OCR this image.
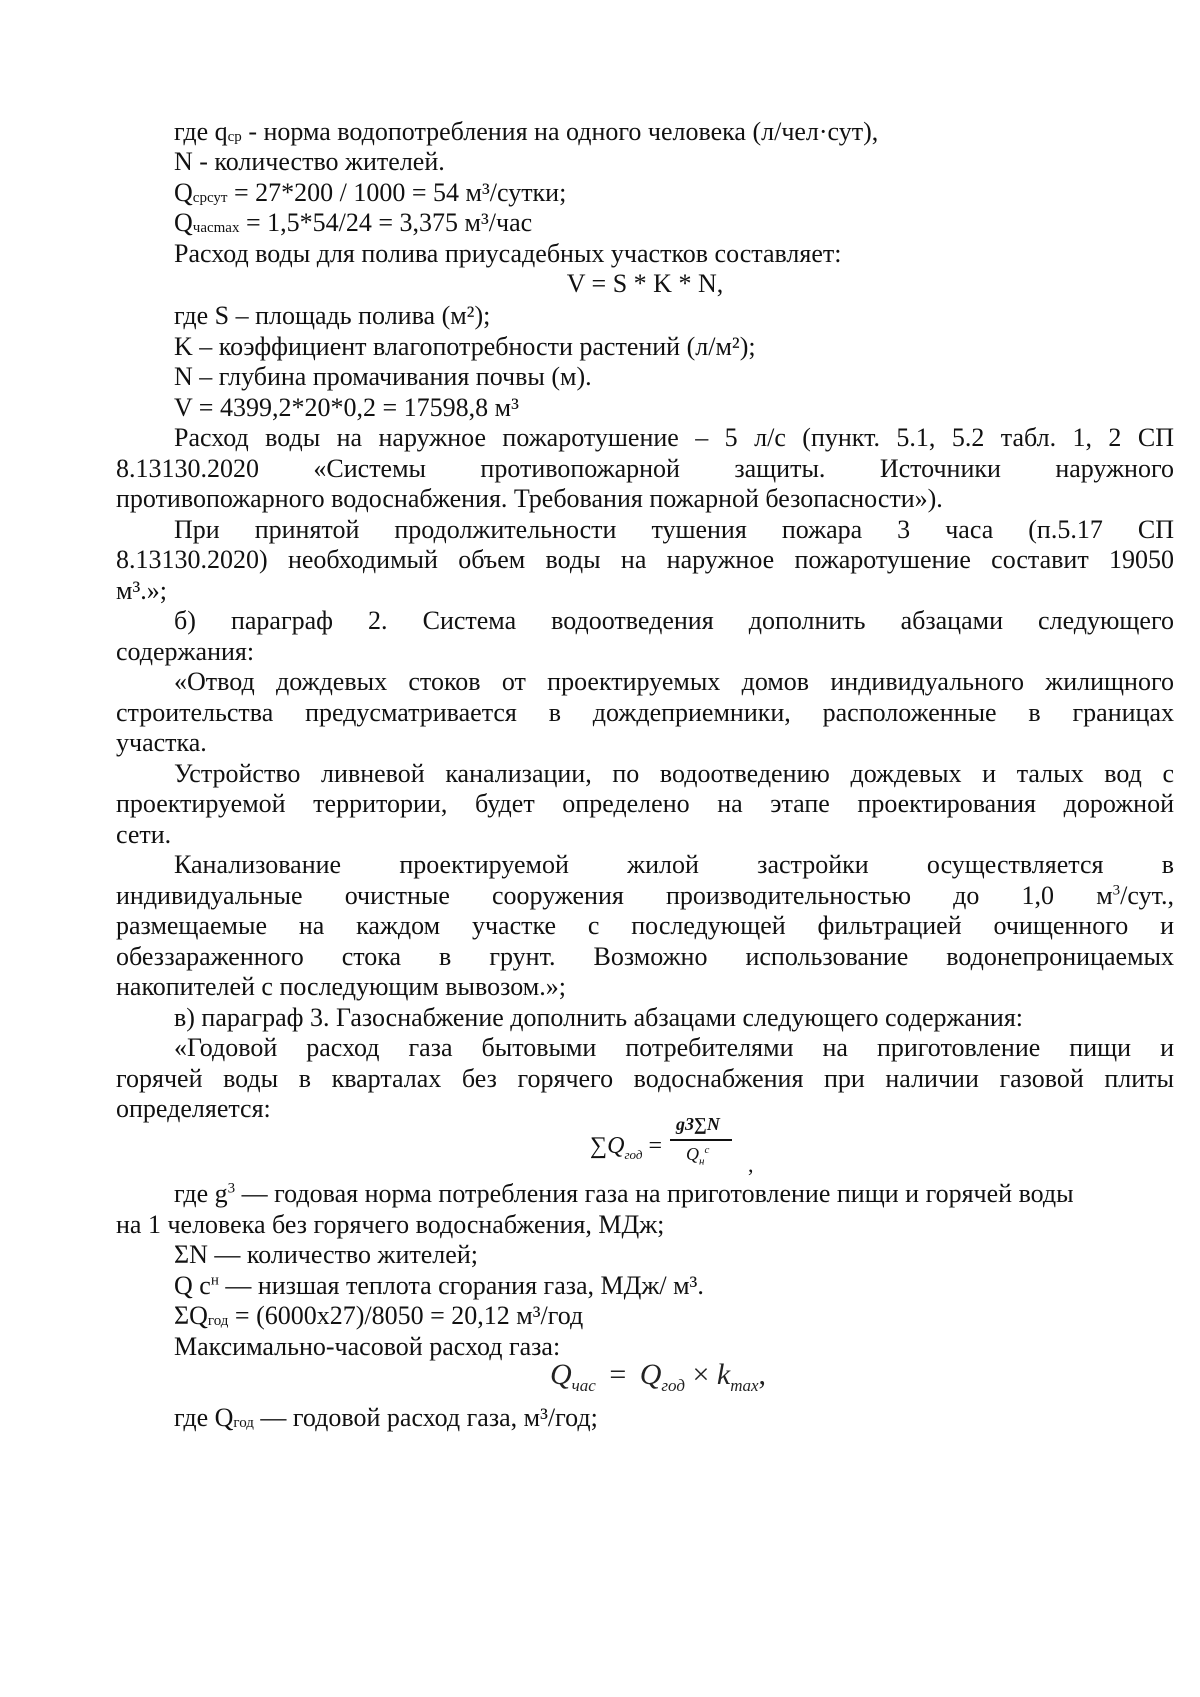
где $q_{ср}$ - норма водопотребления на одного человека (л/чел·сут),
N - количество жителей.
$Q_{срсут} = 27*200 / 1000 = 54$ м³/сутки;
$Q_{часmax} = 1,5*54/24 = 3,375$ м³/час
Расход воды для полива приусадебных участков составляет:
V = S * K * N,
где S – площадь полива (м²);
K – коэффициент влагопотребности растений (л/м²);
N – глубина промачивания почвы (м).
V = 4399,2*20*0,2 = 17598,8 м³
Расход воды на наружное пожаротушение – 5 л/с (пункт. 5.1, 5.2 табл. 1, 2 СП
8.13130.2020 «Системы противопожарной защиты. Источники наружного
противопожарного водоснабжения. Требования пожарной безопасности»).
При принятой продолжительности тушения пожара 3 часа (п.5.17 СП
8.13130.2020) необходимый объем воды на наружное пожаротушение составит 19050
м³.»;
б) параграф 2. Система водоотведения дополнить абзацами следующего
содержания:
«Отвод дождевых стоков от проектируемых домов индивидуального жилищного
строительства предусматривается в дождеприемники, расположенные в границах
участка.
Устройство ливневой канализации, по водоотведению дождевых и талых вод с
проектируемой территории, будет определено на этапе проектирования дорожной
сети.
Канализование проектируемой жилой застройки осуществляется в
индивидуальные очистные сооружения производительностью до 1,0 $м^3$/сут.,
размещаемые на каждом участке с последующей фильтрацией очищенного и
обеззараженного стока в грунт. Возможно использование водонепроницаемых
накопителей с последующим вывозом.»;
в) параграф 3. Газоснабжение дополнить абзацами следующего содержания:
«Годовой расход газа бытовыми потребителями на приготовление пищи и
горячей воды в кварталах без горячего водоснабжения при наличии газовой плиты
определяется:
$\sum Q_{год}$ =
g3∑N
$Q_н^с$
,
где $g^3$ — годовая норма потребления газа на приготовление пищи и горячей воды
на 1 человека без горячего водоснабжения, МДж;
ΣN — количество жителей;
Q $с^н$ — низшая теплота сгорания газа, МДж/ м³.
$\Sigma Q_{год} = (6000х27)/8050 = 20,12$ м³/год
Максимально-часовой расход газа:
$Q_{час} = Q_{год} \times k_{max}$,
где $Q_{год}$ — годовой расход газа, м³/год;
